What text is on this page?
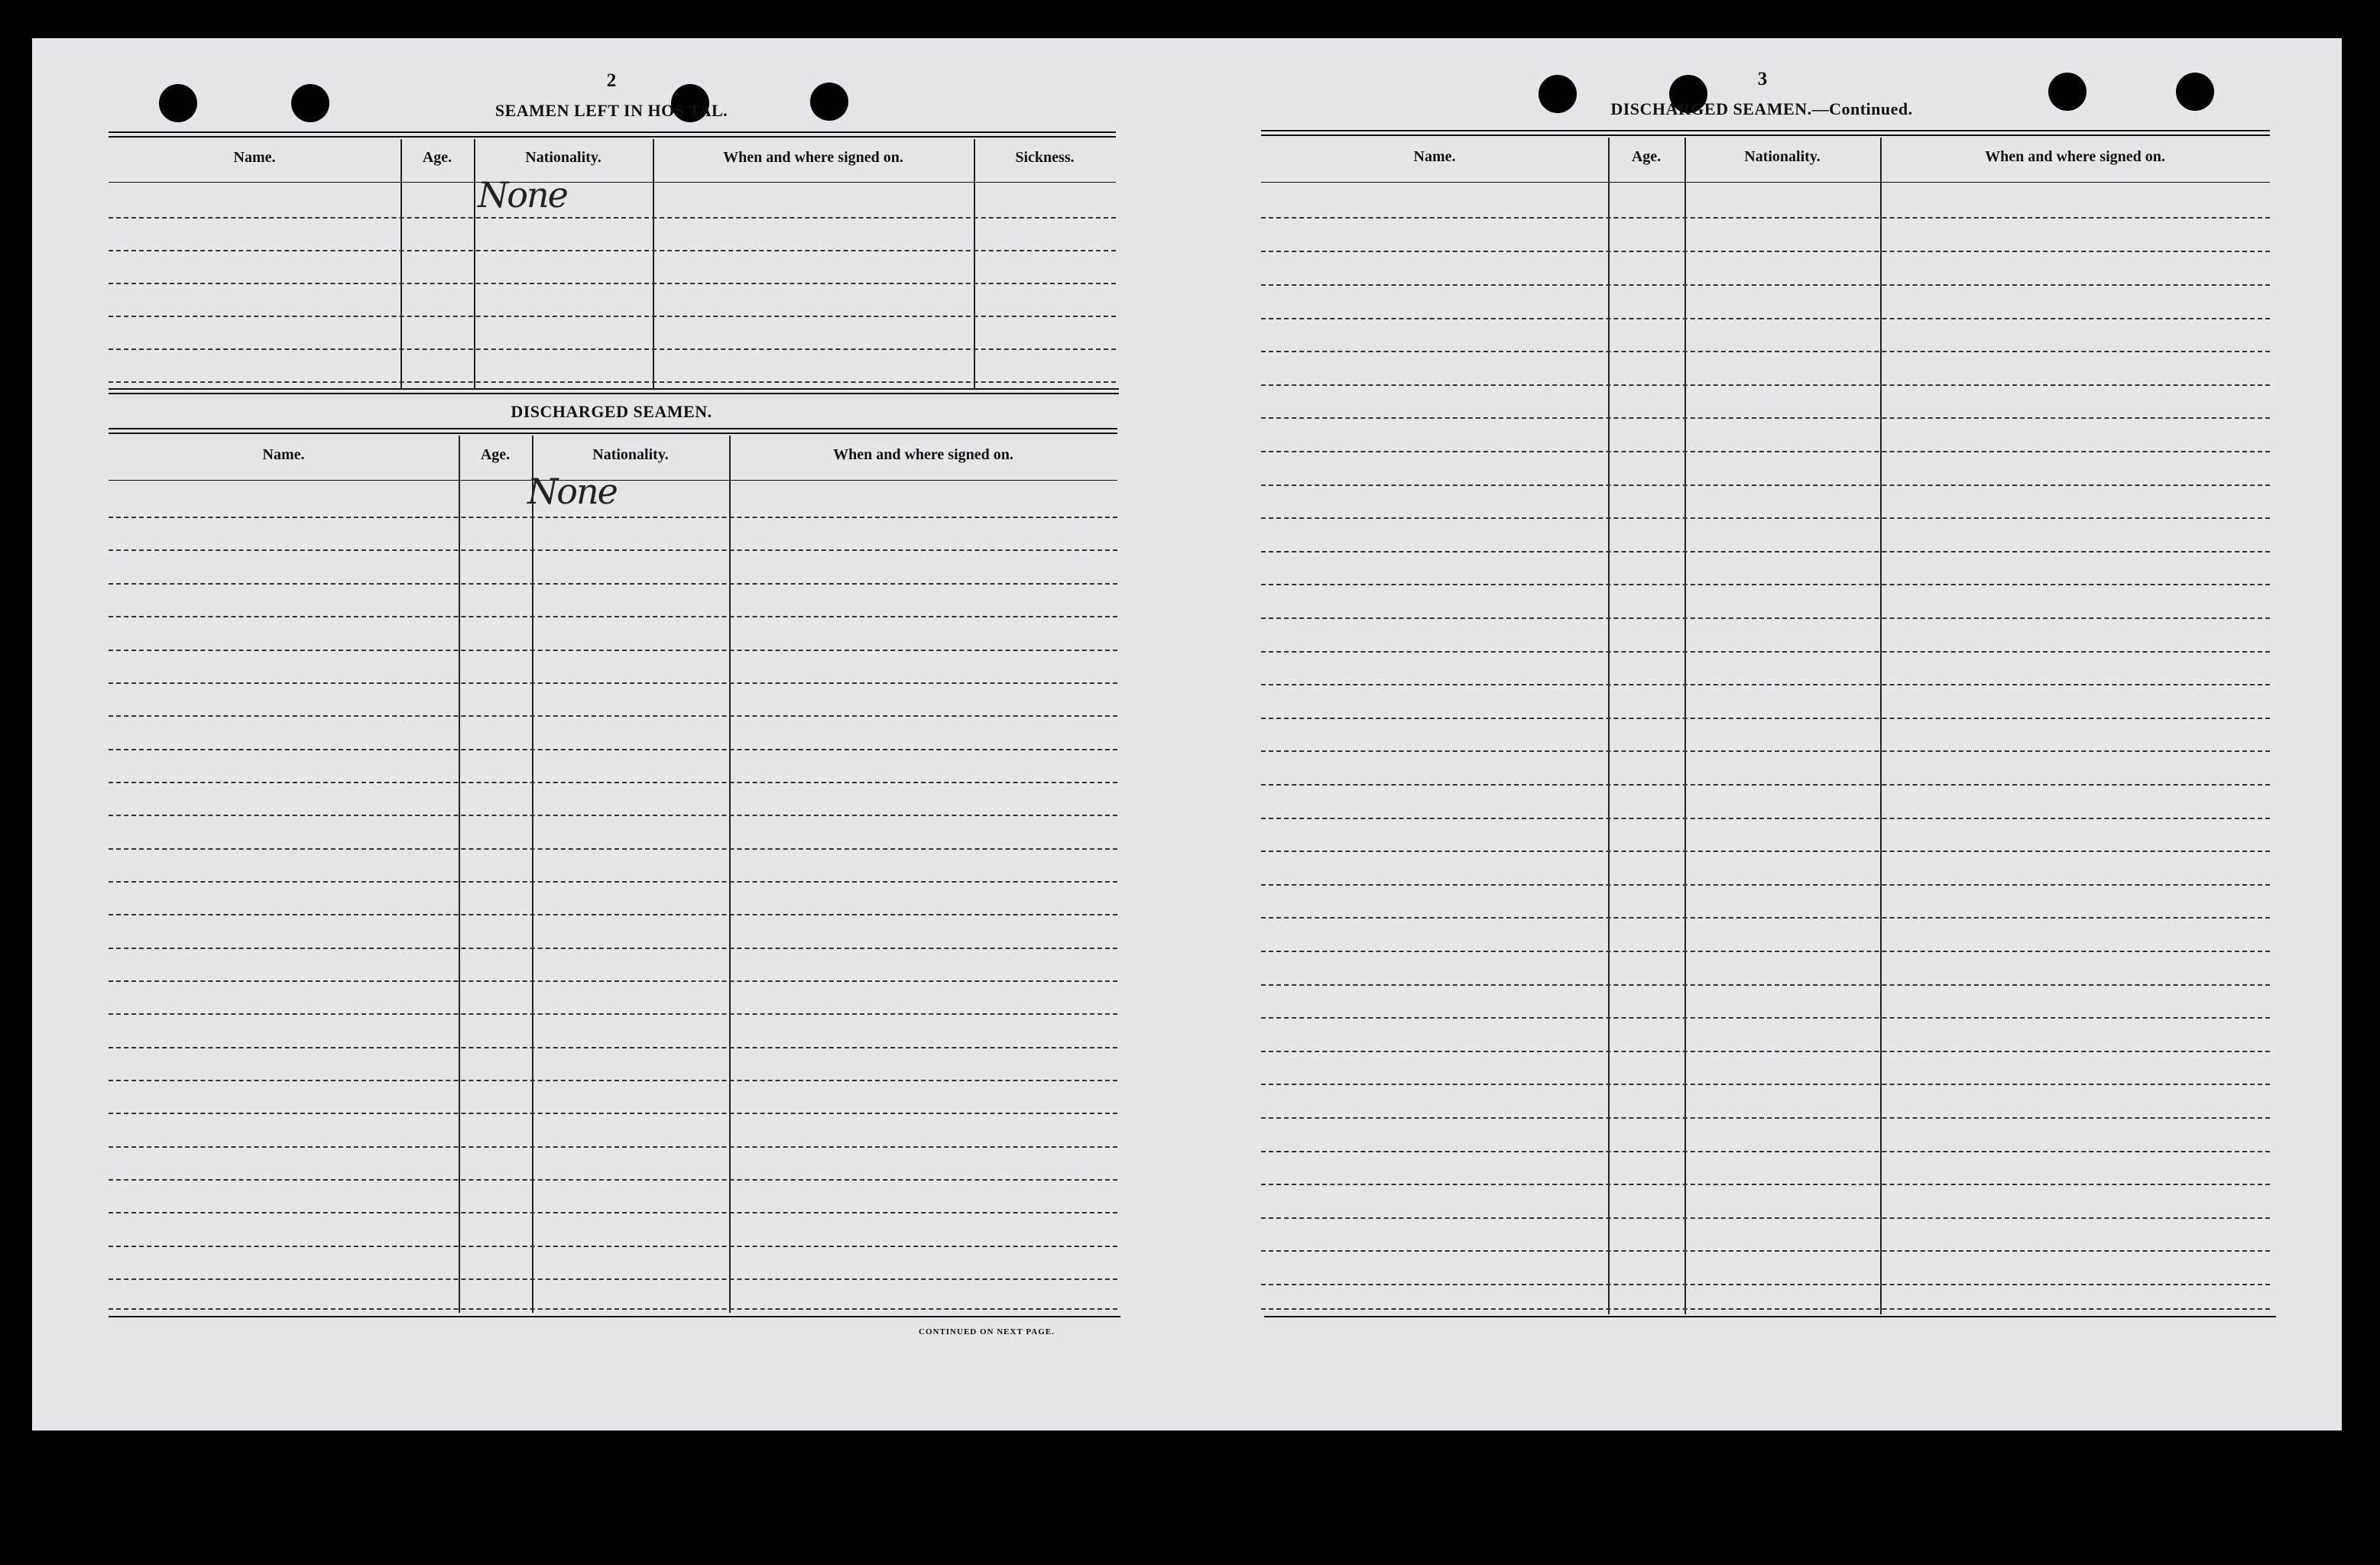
2
SEAMEN LEFT IN HOS TAL.
Name.	Age.	Nationality.	When and where signed on.	Sickness.
None
DISCHARGED SEAMEN.
Name.	Age.	Nationality.	When and where signed on.
None
CONTINUED ON NEXT PAGE.
3
DISCHARGED SEAMEN.—Continued.
Name.	Age.	Nationality.	When and where signed on.
